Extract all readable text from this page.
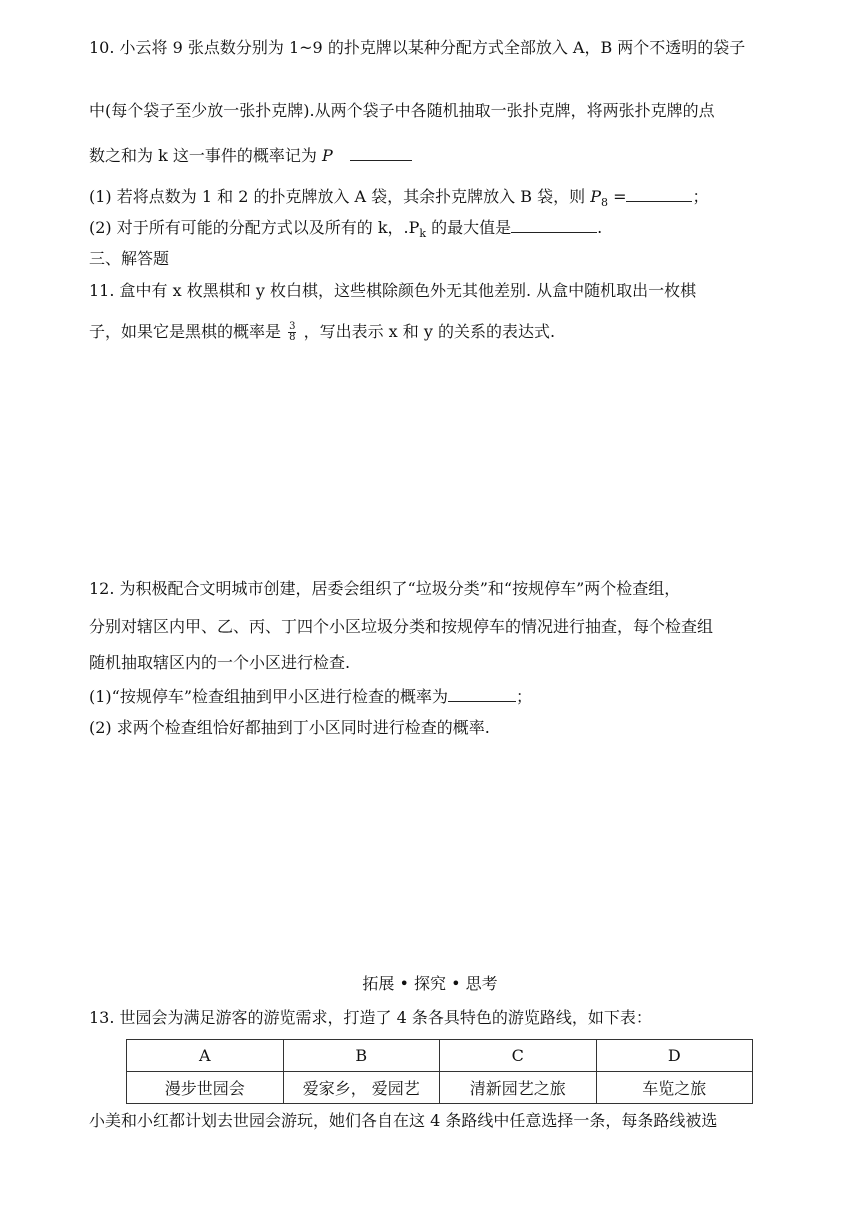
10. 小云将 9 张点数分别为 1~9 的扑克牌以某种分配方式全部放入 A，B 两个不透明的袋子
中(每个袋子至少放一张扑克牌).从两个袋子中各随机抽取一张扑克牌，将两张扑克牌的点
数之和为 k 这一事件的概率记为 P
(1) 若将点数为 1 和 2 的扑克牌放入 A 袋，其余扑克牌放入 B 袋，则 $P_8$ =	；
(2) 对于所有可能的分配方式以及所有的 k，$.P_k$ 的最大值是	.
三、解答题
11. 盒中有 x 枚黑棋和 y 枚白棋，这些棋除颜色外无其他差别. 从盒中随机取出一枚棋
子，如果它是黑棋的概率是 $\frac{3}{8}$ ，写出表示 x 和 y 的关系的表达式.
12. 为积极配合文明城市创建，居委会组织了“垃圾分类”和“按规停车”两个检查组，
分别对辖区内甲、乙、丙、丁四个小区垃圾分类和按规停车的情况进行抽查，每个检查组
随机抽取辖区内的一个小区进行检查.
(1)“按规停车”检查组抽到甲小区进行检查的概率为	；
(2) 求两个检查组恰好都抽到丁小区同时进行检查的概率.
拓展 • 探究 • 思考
13. 世园会为满足游客的游览需求，打造了 4 条各具特色的游览路线，如下表：
A	B	C	D
漫步世园会	爱家乡， 爱园艺	清新园艺之旅	车览之旅
小美和小红都计划去世园会游玩，她们各自在这 4 条路线中任意选择一条，每条路线被选
